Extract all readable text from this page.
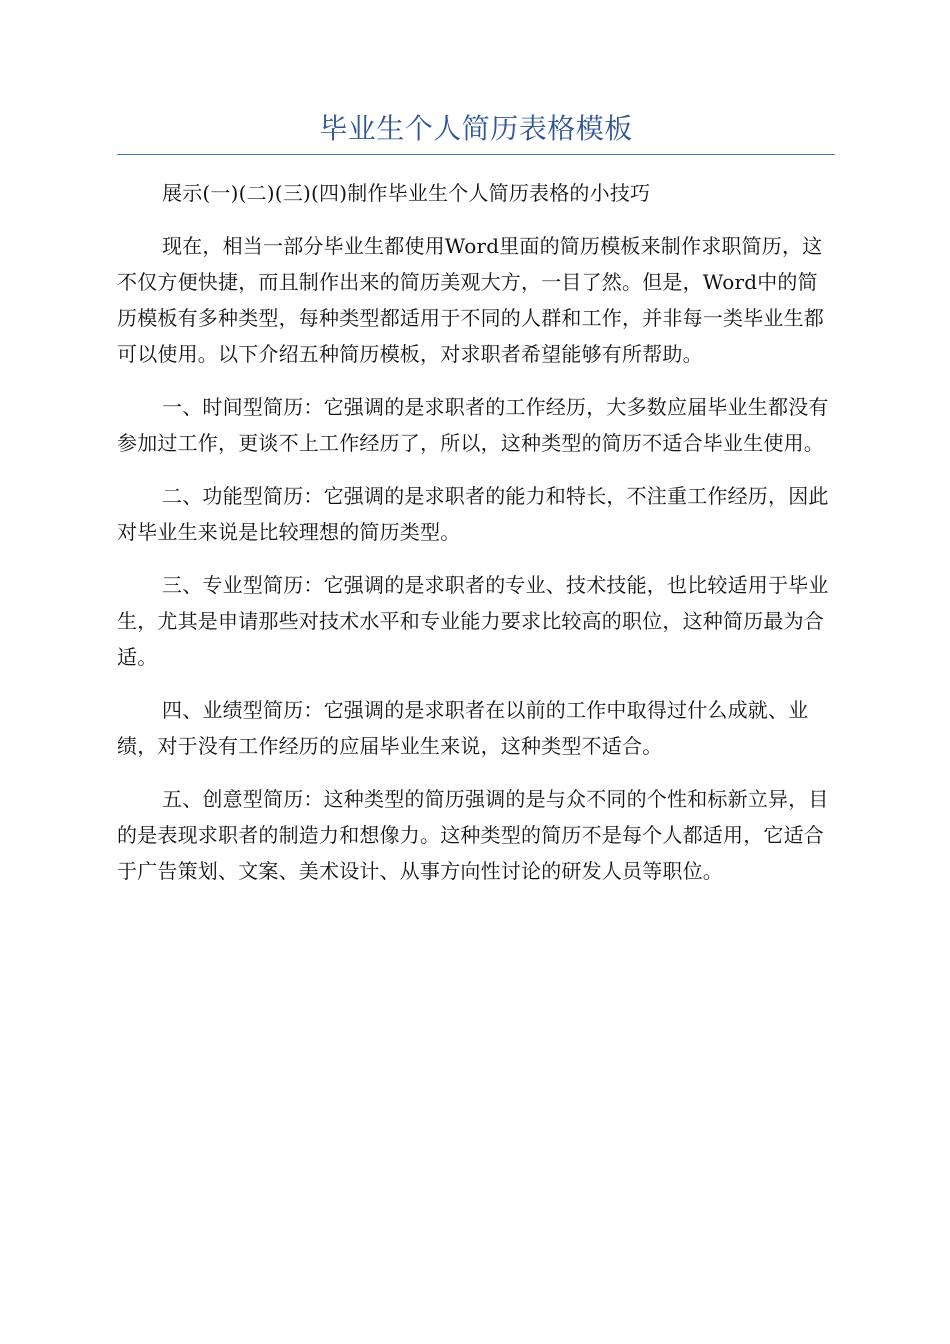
毕业生个人简历表格模板

展示(一)(二)(三)(四)制作毕业生个人简历表格的小技巧

现在，相当一部分毕业生都使用Word里面的简历模板来制作求职简历，这不仅方便快捷，而且制作出来的简历美观大方，一目了然。但是，Word中的简历模板有多种类型，每种类型都适用于不同的人群和工作，并非每一类毕业生都可以使用。以下介绍五种简历模板，对求职者希望能够有所帮助。

一、时间型简历：它强调的是求职者的工作经历，大多数应届毕业生都没有参加过工作，更谈不上工作经历了，所以，这种类型的简历不适合毕业生使用。

二、功能型简历：它强调的是求职者的能力和特长，不注重工作经历，因此对毕业生来说是比较理想的简历类型。

三、专业型简历：它强调的是求职者的专业、技术技能，也比较适用于毕业生，尤其是申请那些对技术水平和专业能力要求比较高的职位，这种简历最为合适。

四、业绩型简历：它强调的是求职者在以前的工作中取得过什么成就、业绩，对于没有工作经历的应届毕业生来说，这种类型不适合。

五、创意型简历：这种类型的简历强调的是与众不同的个性和标新立异，目的是表现求职者的制造力和想像力。这种类型的简历不是每个人都适用，它适合于广告策划、文案、美术设计、从事方向性讨论的研发人员等职位。
